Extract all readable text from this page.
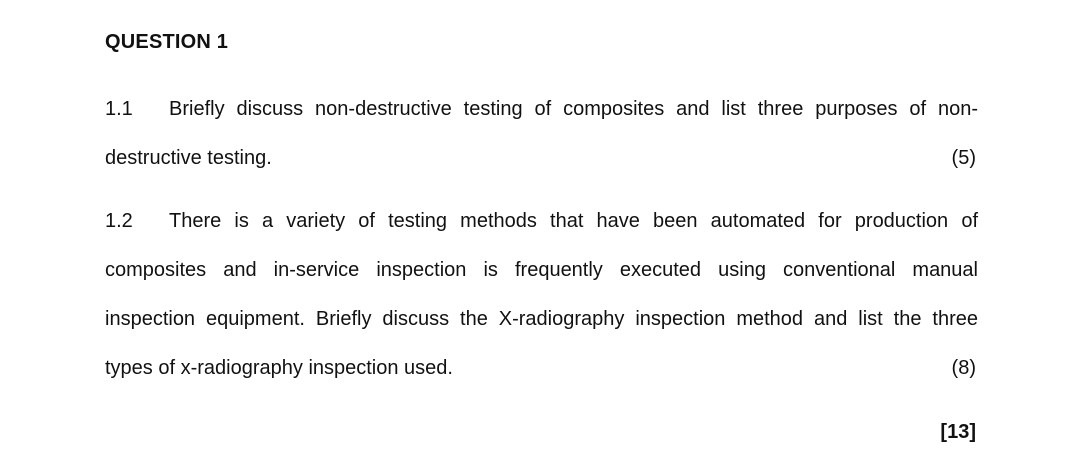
QUESTION 1
1.1 Briefly discuss non-destructive testing of composites and list three purposes of non-
destructive testing.	(5)
1.2 There is a variety of testing methods that have been automated for production of
composites and in-service inspection is frequently executed using conventional manual
inspection equipment. Briefly discuss the X-radiography inspection method and list the three
types of x-radiography inspection used.	(8)
[13]
